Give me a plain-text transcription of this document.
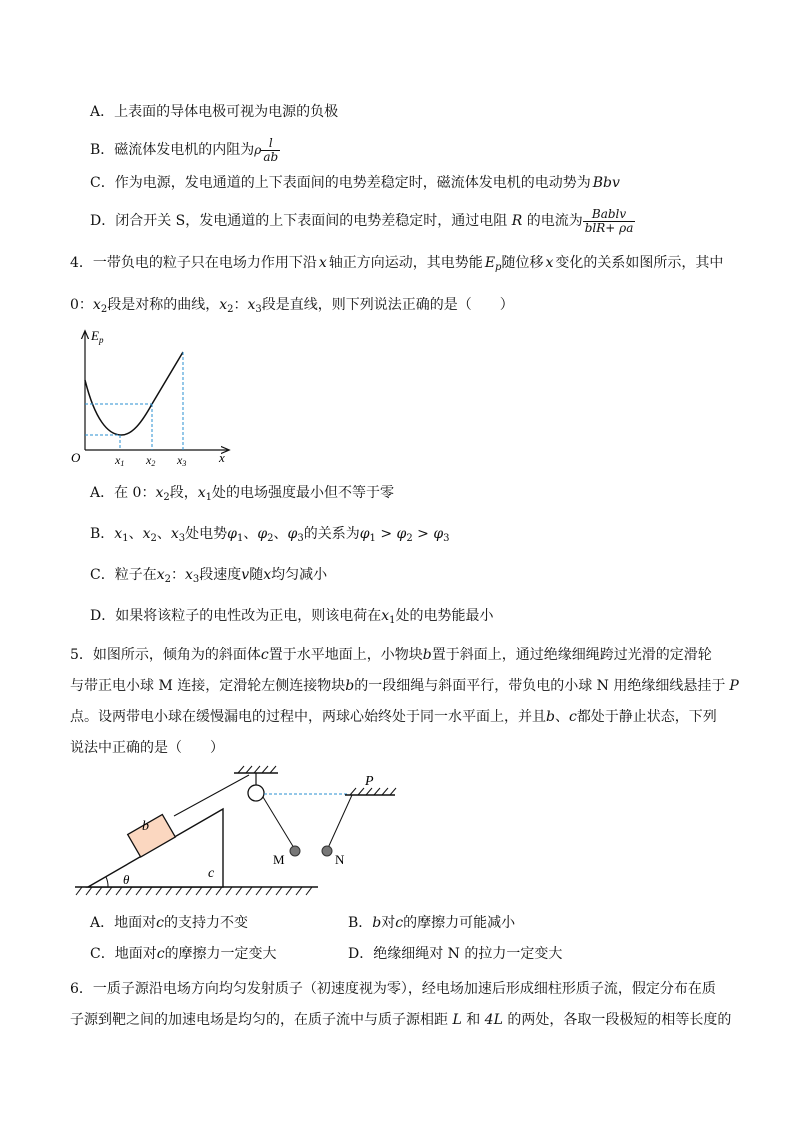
A．上表面的导体电极可视为电源的负极
B．磁流体发电机的内阻为ρ $\frac{l}{ab}$
C．作为电源，发电通道的上下表面间的电势差稳定时，磁流体发电机的电动势为 Bbv
D．闭合开关 S，发电通道的上下表面间的电势差稳定时，通过电阻 R 的电流为 $\frac{\text{Bablv}}{\text{blR+ ρa}}$
4．一带负电的粒子只在电场力作用下沿 x 轴正方向运动，其电势能 $E_p$随位移 x 变化的关系如图所示，其中
0：$x_2$段是对称的曲线，$x_2$：$x_3$段是直线，则下列说法正确的是（　　）
$E_p$
O	x
x1 x2 x3
A．在 0：$x_2$段，$x_1$处的电场强度最小但不等于零
B．$x_1$、$x_2$、$x_3$处电势$\varphi_1$、$\varphi_2$、$\varphi_3$的关系为$\varphi_1 > \varphi_2 > \varphi_3$
C．粒子在$x_2$：$x_3$段速度v随x均匀减小
D．如果将该粒子的电性改为正电，则该电荷在$x_1$处的电势能最小
5．如图所示，倾角为的斜面体c置于水平地面上，小物块b置于斜面上，通过绝缘细绳跨过光滑的定滑轮
与带正电小球 M 连接，定滑轮左侧连接物块b的一段细绳与斜面平行，带负电的小球 N 用绝缘细线悬挂于 P
点。设两带电小球在缓慢漏电的过程中，两球心始终处于同一水平面上，并且b、c都处于静止状态，下列
说法中正确的是（　　）
b
c
θ
M	N
P
A．地面对c的支持力不变	B．b对c的摩擦力可能减小
C．地面对c的摩擦力一定变大	D．绝缘细绳对 N 的拉力一定变大
6．一质子源沿电场方向均匀发射质子（初速度视为零），经电场加速后形成细柱形质子流，假定分布在质
子源到靶之间的加速电场是均匀的，在质子流中与质子源相距 L 和 4L 的两处，各取一段极短的相等长度的
